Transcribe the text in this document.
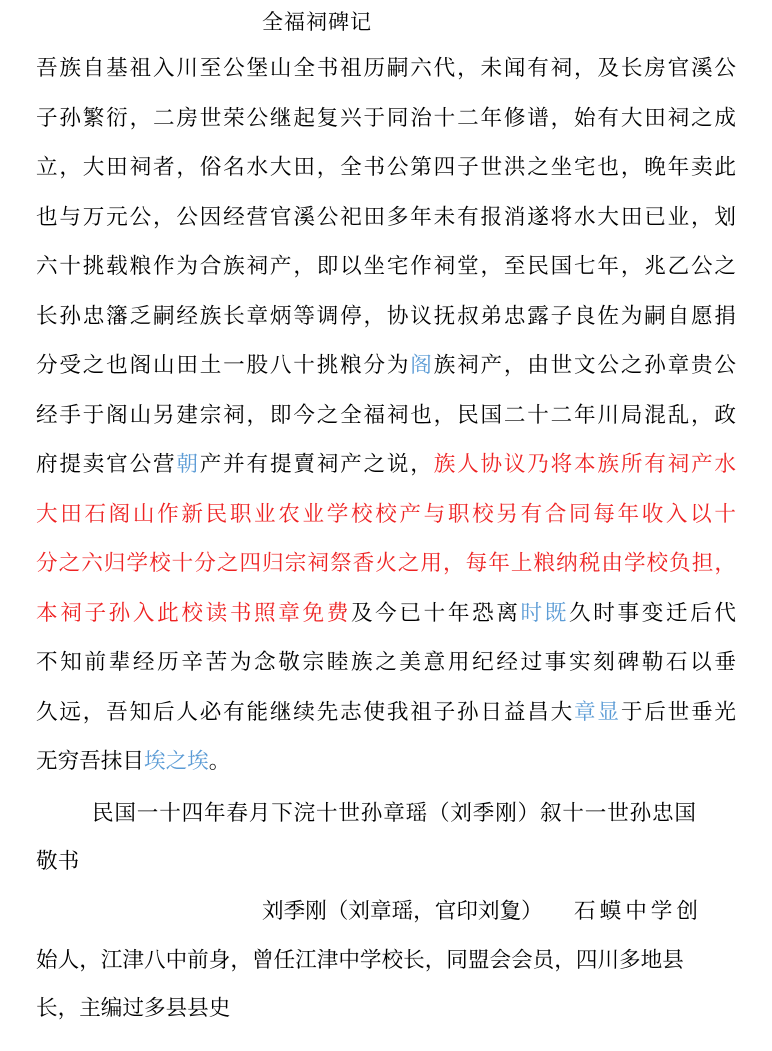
全福祠碑记
吾族自基祖入川至公堡山全书祖历嗣六代，未闻有祠，及长房官溪公
子孙繁衍，二房世荣公继起复兴于同治十二年修谱，始有大田祠之成
立，大田祠者，俗名水大田，全书公第四子世洪之坐宅也，晚年卖此
也与万元公，公因经营官溪公祀田多年未有报消遂将水大田已业，划
六十挑载粮作为合族祠产，即以坐宅作祠堂，至民国七年，兆乙公之
长孙忠籓乏嗣经族长章炳等调停，协议抚叔弟忠露子良佐为嗣自愿捐
分受之也阁山田土一股八十挑粮分为阁族祠产，由世文公之孙章贵公
经手于阁山另建宗祠，即今之全福祠也，民国二十二年川局混乱，政
府提卖官公营朝产并有提賣祠产之说，族人协议乃将本族所有祠产水
大田石阁山作新民职业农业学校校产与职校另有合同每年收入以十
分之六归学校十分之四归宗祠祭香火之用，每年上粮纳税由学校负担，
本祠子孙入此校读书照章免费及今已十年恐离时既久时事变迁后代
不知前辈经历辛苦为念敬宗睦族之美意用纪经过事实刻碑勒石以垂
久远，吾知后人必有能继续先志使我祖子孙日益昌大章显于后世垂光
无穷吾抹目埃之埃。
民国一十四年春月下浣十世孙章瑶（刘季刚）叙十一世孙忠国
敬书
刘季刚（刘章瑶，官印刘夐） 石蟆中学创
始人，江津八中前身，曾任江津中学校长，同盟会会员，四川多地县
长，主编过多县县史
